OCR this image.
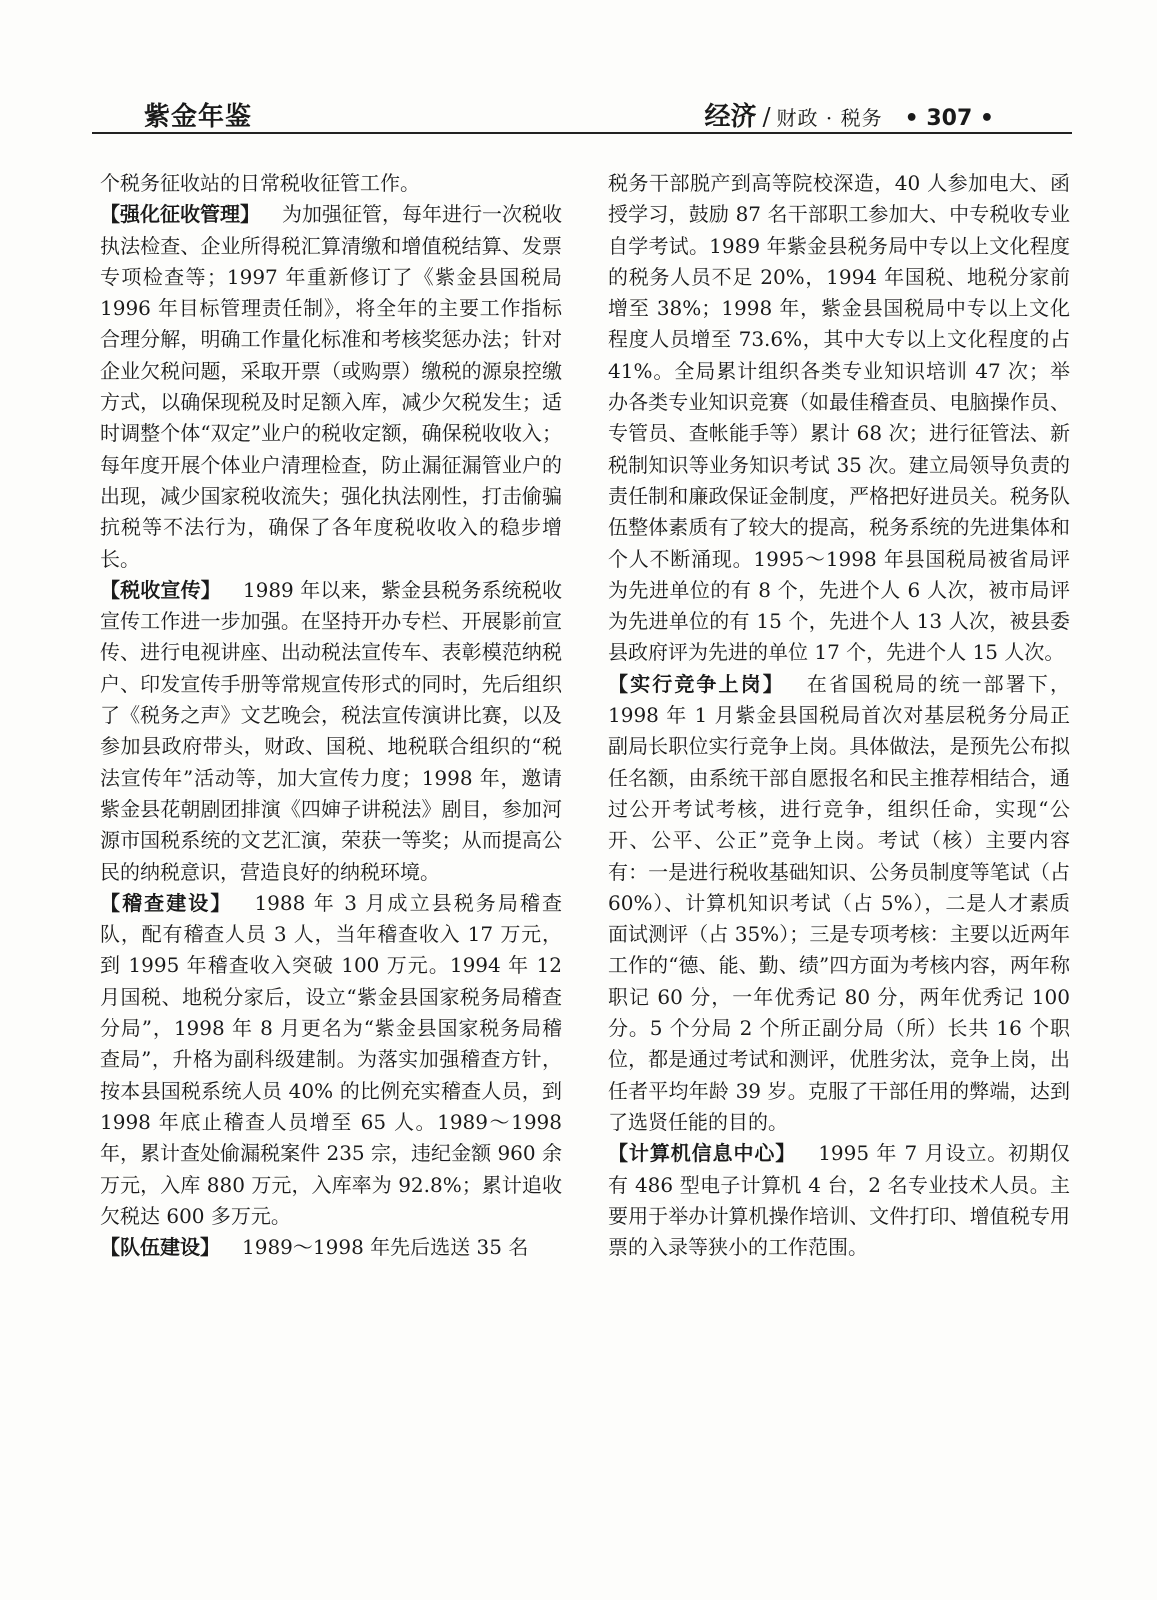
紫金年鉴	经济 / 财政 · 税务 • 307 •

个税务征收站的日常税收征管工作。

【强化征收管理】 为加强征管，每年进行一次税收执法检查、企业所得税汇算清缴和增值税结算、发票专项检查等；1997 年重新修订了《紫金县国税局 1996 年目标管理责任制》，将全年的主要工作指标合理分解，明确工作量化标准和考核奖惩办法；针对企业欠税问题，采取开票（或购票）缴税的源泉控缴方式，以确保现税及时足额入库，减少欠税发生；适时调整个体“双定”业户的税收定额，确保税收收入；每年度开展个体业户清理检查，防止漏征漏管业户的出现，减少国家税收流失；强化执法刚性，打击偷骗抗税等不法行为，确保了各年度税收收入的稳步增长。

【税收宣传】 1989 年以来，紫金县税务系统税收宣传工作进一步加强。在坚持开办专栏、开展影前宣传、进行电视讲座、出动税法宣传车、表彰模范纳税户、印发宣传手册等常规宣传形式的同时，先后组织了《税务之声》文艺晚会，税法宣传演讲比赛，以及参加县政府带头，财政、国税、地税联合组织的“税法宣传年”活动等，加大宣传力度；1998 年，邀请紫金县花朝剧团排演《四婶子讲税法》剧目，参加河源市国税系统的文艺汇演，荣获一等奖；从而提高公民的纳税意识，营造良好的纳税环境。

【稽查建设】 1988 年 3 月成立县税务局稽查队，配有稽查人员 3 人，当年稽查收入 17 万元，到 1995 年稽查收入突破 100 万元。1994 年 12 月国税、地税分家后，设立“紫金县国家税务局稽查分局”，1998 年 8 月更名为“紫金县国家税务局稽查局”，升格为副科级建制。为落实加强稽查方针，按本县国税系统人员 40% 的比例充实稽查人员，到 1998 年底止稽查人员增至 65 人。1989～1998 年，累计查处偷漏税案件 235 宗，违纪金额 960 余万元，入库 880 万元，入库率为 92.8%；累计追收欠税达 600 多万元。

【队伍建设】 1989～1998 年先后选送 35 名

税务干部脱产到高等院校深造，40 人参加电大、函授学习，鼓励 87 名干部职工参加大、中专税收专业自学考试。1989 年紫金县税务局中专以上文化程度的税务人员不足 20%，1994 年国税、地税分家前增至 38%；1998 年，紫金县国税局中专以上文化程度人员增至 73.6%，其中大专以上文化程度的占 41%。全局累计组织各类专业知识培训 47 次；举办各类专业知识竞赛（如最佳稽查员、电脑操作员、专管员、查帐能手等）累计 68 次；进行征管法、新税制知识等业务知识考试 35 次。建立局领导负责的责任制和廉政保证金制度，严格把好进员关。税务队伍整体素质有了较大的提高，税务系统的先进集体和个人不断涌现。1995～1998 年县国税局被省局评为先进单位的有 8 个，先进个人 6 人次，被市局评为先进单位的有 15 个，先进个人 13 人次，被县委县政府评为先进的单位 17 个，先进个人 15 人次。

【实行竞争上岗】 在省国税局的统一部署下，1998 年 1 月紫金县国税局首次对基层税务分局正副局长职位实行竞争上岗。具体做法，是预先公布拟任名额，由系统干部自愿报名和民主推荐相结合，通过公开考试考核，进行竞争，组织任命，实现“公开、公平、公正”竞争上岗。考试（核）主要内容有：一是进行税收基础知识、公务员制度等笔试（占 60%）、计算机知识考试（占 5%），二是人才素质面试测评（占 35%）；三是专项考核：主要以近两年工作的“德、能、勤、绩”四方面为考核内容，两年称职记 60 分，一年优秀记 80 分，两年优秀记 100 分。5 个分局 2 个所正副分局（所）长共 16 个职位，都是通过考试和测评，优胜劣汰，竞争上岗，出任者平均年龄 39 岁。克服了干部任用的弊端，达到了选贤任能的目的。

【计算机信息中心】 1995 年 7 月设立。初期仅有 486 型电子计算机 4 台，2 名专业技术人员。主要用于举办计算机操作培训、文件打印、增值税专用票的入录等狭小的工作范围。
